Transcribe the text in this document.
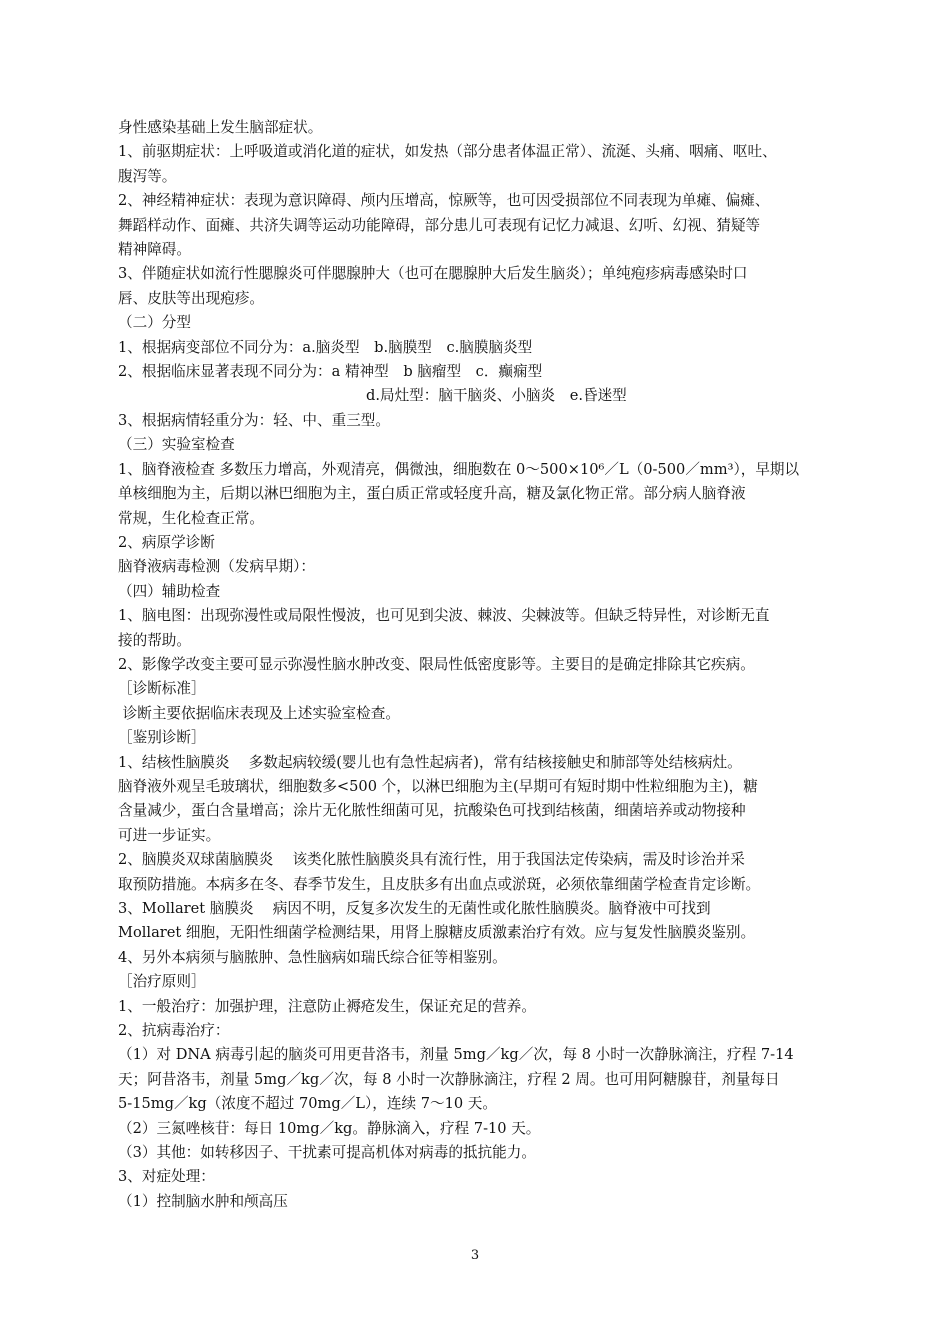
身性感染基础上发生脑部症状。

1、前驱期症状：上呼吸道或消化道的症状，如发热（部分患者体温正常）、流涎、头痛、咽痛、呕吐、

腹泻等。

2、神经精神症状：表现为意识障碍、颅内压增高，惊厥等，也可因受损部位不同表现为单瘫、偏瘫、

舞蹈样动作、面瘫、共济失调等运动功能障碍，部分患儿可表现有记忆力减退、幻听、幻视、猜疑等

精神障碍。

3、伴随症状如流行性腮腺炎可伴腮腺肿大（也可在腮腺肿大后发生脑炎）；单纯疱疹病毒感染时口

唇、皮肤等出现疱疹。

（二）分型

1、根据病变部位不同分为：a.脑炎型　b.脑膜型　c.脑膜脑炎型

2、根据临床显著表现不同分为：a 精神型　b 脑瘤型　c．癫痫型

d.局灶型：脑干脑炎、小脑炎　e.昏迷型

3、根据病情轻重分为：轻、中、重三型。

（三）实验室检查

1、脑脊液检查 多数压力增高，外观清亮，偶微浊，细胞数在 0～500×10⁶／L（0-500／mm³），早期以

单核细胞为主，后期以淋巴细胞为主，蛋白质正常或轻度升高，糖及氯化物正常。部分病人脑脊液

常规，生化检查正常。

2、病原学诊断

脑脊液病毒检测（发病早期）：

（四）辅助检查

1、脑电图：出现弥漫性或局限性慢波，也可见到尖波、棘波、尖棘波等。但缺乏特异性，对诊断无直

接的帮助。

2、影像学改变主要可显示弥漫性脑水肿改变、限局性低密度影等。主要目的是确定排除其它疾病。

［诊断标准］

诊断主要依据临床表现及上述实验室检查。

［鉴别诊断］

1、结核性脑膜炎　 多数起病较缓(婴儿也有急性起病者)，常有结核接触史和肺部等处结核病灶。

脑脊液外观呈毛玻璃状，细胞数多<500 个，以淋巴细胞为主(早期可有短时期中性粒细胞为主)，糖

含量减少，蛋白含量增高；涂片无化脓性细菌可见，抗酸染色可找到结核菌，细菌培养或动物接种

可进一步证实。

2、脑膜炎双球菌脑膜炎　 该类化脓性脑膜炎具有流行性，用于我国法定传染病，需及时诊治并采

取预防措施。本病多在冬、春季节发生，且皮肤多有出血点或淤斑，必须依靠细菌学检查肯定诊断。

3、Mollaret 脑膜炎　 病因不明，反复多次发生的无菌性或化脓性脑膜炎。脑脊液中可找到

Mollaret 细胞，无阳性细菌学检测结果，用肾上腺糖皮质激素治疗有效。应与复发性脑膜炎鉴别。

4、另外本病须与脑脓肿、急性脑病如瑞氏综合征等相鉴别。

［治疗原则］

1、一般治疗：加强护理，注意防止褥疮发生，保证充足的营养。

2、抗病毒治疗：

（1）对 DNA 病毒引起的脑炎可用更昔洛韦，剂量 5mg／kg／次，每 8 小时一次静脉滴注，疗程 7-14

天；阿昔洛韦，剂量 5mg／kg／次，每 8 小时一次静脉滴注，疗程 2 周。也可用阿糖腺苷，剂量每日

5-15mg／kg（浓度不超过 70mg／L），连续 7～10 天。

（2）三氮唑核苷：每日 10mg／kg。静脉滴入，疗程 7-10 天。

（3）其他：如转移因子、干扰素可提高机体对病毒的抵抗能力。

3、对症处理：

（1）控制脑水肿和颅高压

3
